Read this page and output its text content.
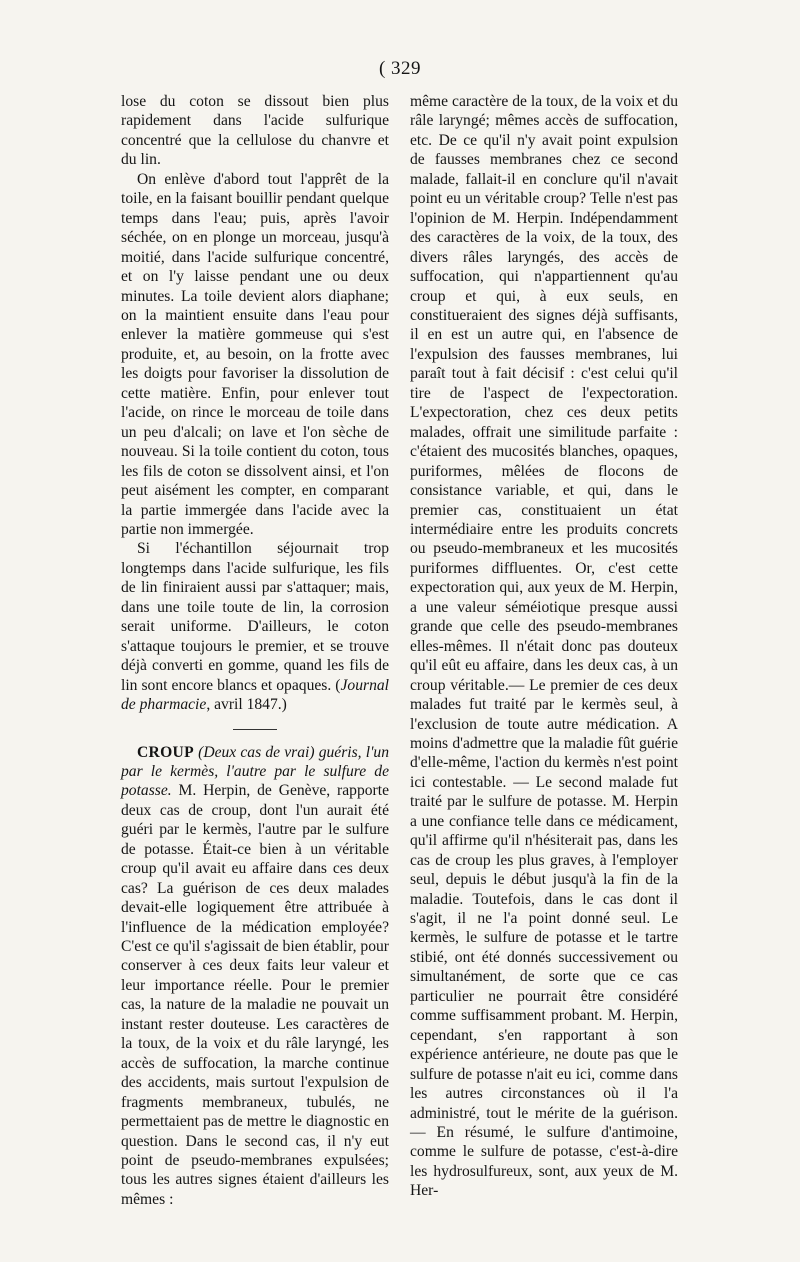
( 329

lose du coton se dissout bien plus rapidement dans l'acide sulfurique concentré que la cellulose du chanvre et du lin.

On enlève d'abord tout l'apprêt de la toile, en la faisant bouillir pendant quelque temps dans l'eau; puis, après l'avoir séchée, on en plonge un morceau, jusqu'à moitié, dans l'acide sulfurique concentré, et on l'y laisse pendant une ou deux minutes. La toile devient alors diaphane; on la maintient ensuite dans l'eau pour enlever la matière gommeuse qui s'est produite, et, au besoin, on la frotte avec les doigts pour favoriser la dissolution de cette matière. Enfin, pour enlever tout l'acide, on rince le morceau de toile dans un peu d'alcali; on lave et l'on sèche de nouveau. Si la toile contient du coton, tous les fils de coton se dissolvent ainsi, et l'on peut aisément les compter, en comparant la partie immergée dans l'acide avec la partie non immergée.

Si l'échantillon séjournait trop longtemps dans l'acide sulfurique, les fils de lin finiraient aussi par s'attaquer; mais, dans une toile toute de lin, la corrosion serait uniforme. D'ailleurs, le coton s'attaque toujours le premier, et se trouve déjà converti en gomme, quand les fils de lin sont encore blancs et opaques. (Journal de pharmacie, avril 1847.)

CROUP (Deux cas de vrai) guéris, l'un par le kermès, l'autre par le sulfure de potasse. M. Herpin, de Genève, rapporte deux cas de croup, dont l'un aurait été guéri par le kermès, l'autre par le sulfure de potasse. Était-ce bien à un véritable croup qu'il avait eu affaire dans ces deux cas? La guérison de ces deux malades devait-elle logiquement être attribuée à l'influence de la médication employée? C'est ce qu'il s'agissait de bien établir, pour conserver à ces deux faits leur valeur et leur importance réelle. Pour le premier cas, la nature de la maladie ne pouvait un instant rester douteuse. Les caractères de la toux, de la voix et du râle laryngé, les accès de suffocation, la marche continue des accidents, mais surtout l'expulsion de fragments membraneux, tubulés, ne permettaient pas de mettre le diagnostic en question. Dans le second cas, il n'y eut point de pseudo-membranes expulsées; tous les autres signes étaient d'ailleurs les mêmes :

même caractère de la toux, de la voix et du râle laryngé; mêmes accès de suffocation, etc. De ce qu'il n'y avait point expulsion de fausses membranes chez ce second malade, fallait-il en conclure qu'il n'avait point eu un véritable croup? Telle n'est pas l'opinion de M. Herpin. Indépendamment des caractères de la voix, de la toux, des divers râles laryngés, des accès de suffocation, qui n'appartiennent qu'au croup et qui, à eux seuls, en constitueraient des signes déjà suffisants, il en est un autre qui, en l'absence de l'expulsion des fausses membranes, lui paraît tout à fait décisif : c'est celui qu'il tire de l'aspect de l'expectoration. L'expectoration, chez ces deux petits malades, offrait une similitude parfaite : c'étaient des mucosités blanches, opaques, puriformes, mêlées de flocons de consistance variable, et qui, dans le premier cas, constituaient un état intermédiaire entre les produits concrets ou pseudo-membraneux et les mucosités puriformes diffluentes. Or, c'est cette expectoration qui, aux yeux de M. Herpin, a une valeur séméiotique presque aussi grande que celle des pseudo-membranes elles-mêmes. Il n'était donc pas douteux qu'il eût eu affaire, dans les deux cas, à un croup véritable.— Le premier de ces deux malades fut traité par le kermès seul, à l'exclusion de toute autre médication. A moins d'admettre que la maladie fût guérie d'elle-même, l'action du kermès n'est point ici contestable. — Le second malade fut traité par le sulfure de potasse. M. Herpin a une confiance telle dans ce médicament, qu'il affirme qu'il n'hésiterait pas, dans les cas de croup les plus graves, à l'employer seul, depuis le début jusqu'à la fin de la maladie. Toutefois, dans le cas dont il s'agit, il ne l'a point donné seul. Le kermès, le sulfure de potasse et le tartre stibié, ont été donnés successivement ou simultanément, de sorte que ce cas particulier ne pourrait être considéré comme suffisamment probant. M. Herpin, cependant, s'en rapportant à son expérience antérieure, ne doute pas que le sulfure de potasse n'ait eu ici, comme dans les autres circonstances où il l'a administré, tout le mérite de la guérison. — En résumé, le sulfure d'antimoine, comme le sulfure de potasse, c'est-à-dire les hydrosulfureux, sont, aux yeux de M. Her-
